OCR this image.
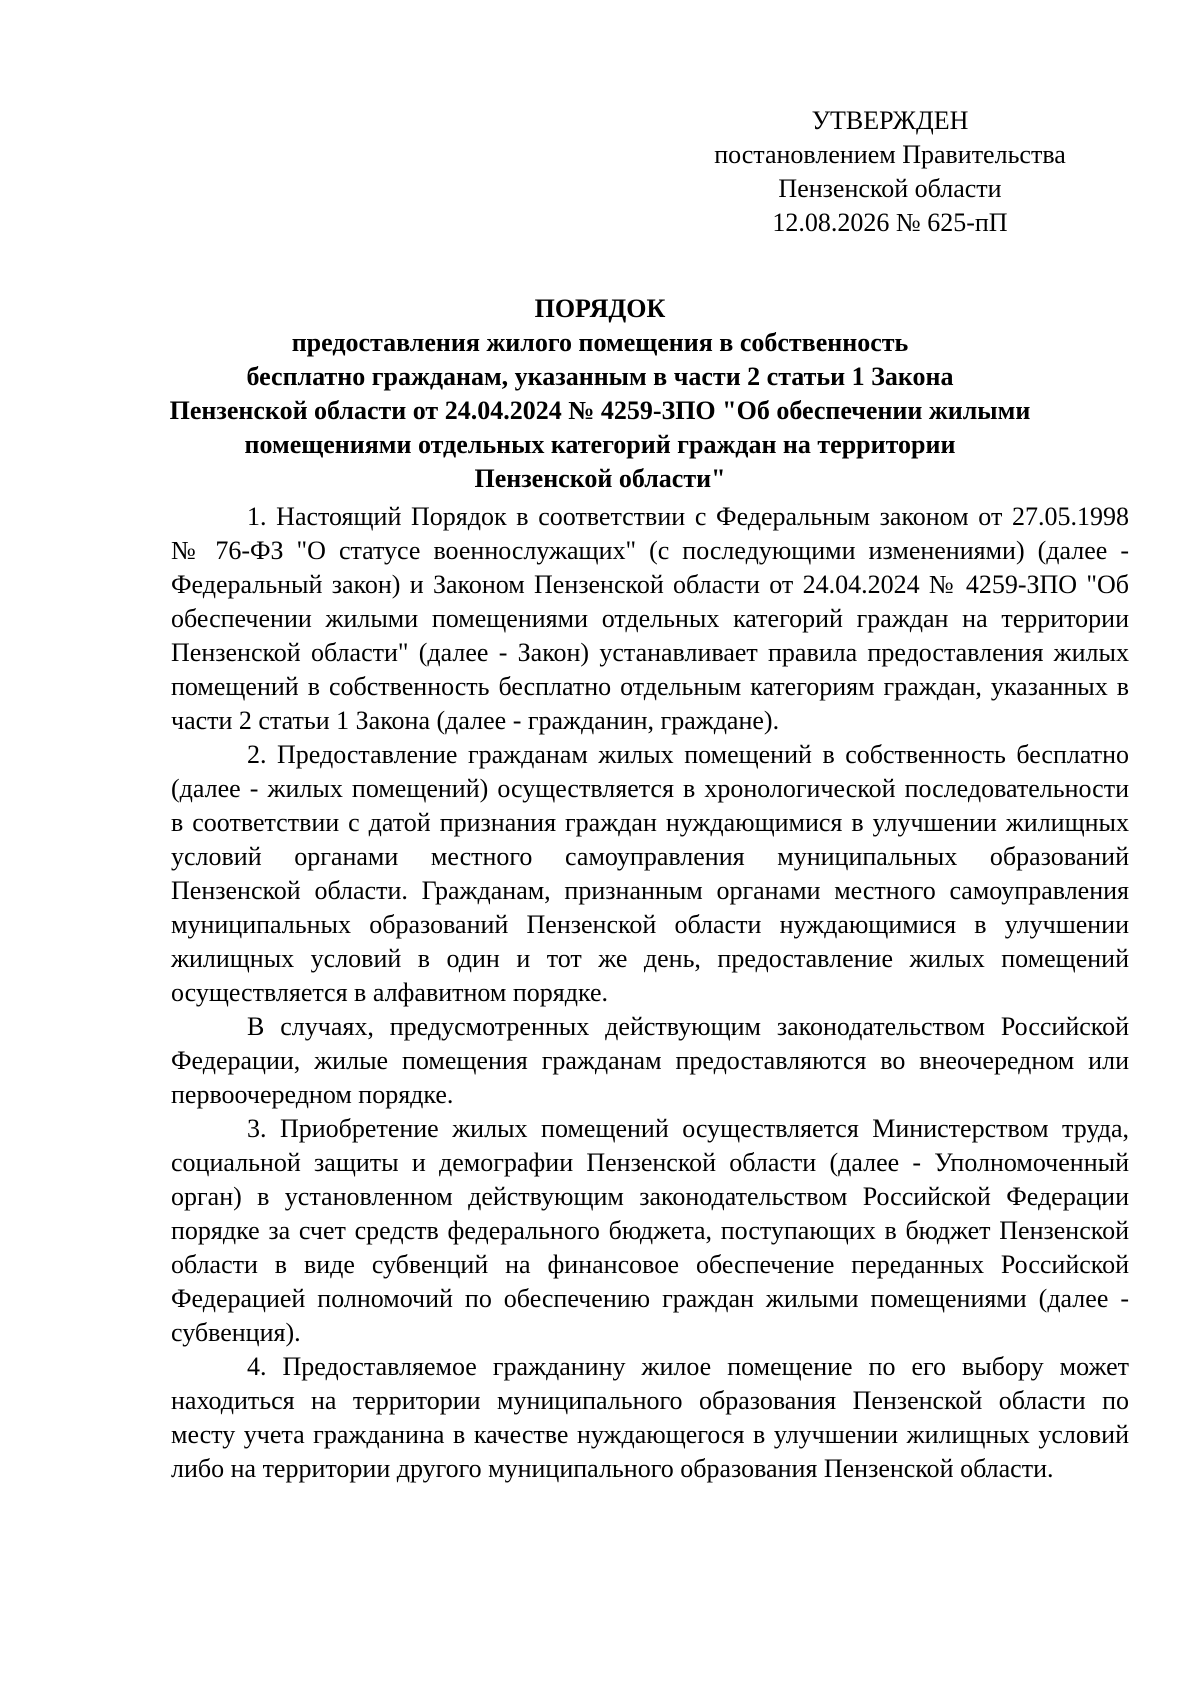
УТВЕРЖДЕН
постановлением Правительства
Пензенской области
12.08.2026 № 625-пП
ПОРЯДОК
предоставления жилого помещения в собственность
бесплатно гражданам, указанным в части 2 статьи 1 Закона
Пензенской области от 24.04.2024 № 4259-ЗПО "Об обеспечении жилыми
помещениями отдельных категорий граждан на территории
Пензенской области"

1. Настоящий Порядок в соответствии с Федеральным законом от 27.05.1998 № 76-ФЗ "О статусе военнослужащих" (с последующими изменениями) (далее - Федеральный закон) и Законом Пензенской области от 24.04.2024 № 4259-ЗПО "Об обеспечении жилыми помещениями отдельных категорий граждан на территории Пензенской области" (далее - Закон) устанавливает правила предоставления жилых помещений в собственность бесплатно отдельным категориям граждан, указанных в части 2 статьи 1 Закона (далее - гражданин, граждане).

2. Предоставление гражданам жилых помещений в собственность бесплатно (далее - жилых помещений) осуществляется в хронологической последовательности в соответствии с датой признания граждан нуждающимися в улучшении жилищных условий органами местного самоуправления муниципальных образований Пензенской области. Гражданам, признанным органами местного самоуправления муниципальных образований Пензенской области нуждающимися в улучшении жилищных условий в один и тот же день, предоставление жилых помещений осуществляется в алфавитном порядке.

В случаях, предусмотренных действующим законодательством Российской Федерации, жилые помещения гражданам предоставляются во внеочередном или первоочередном порядке.

3. Приобретение жилых помещений осуществляется Министерством труда, социальной защиты и демографии Пензенской области (далее - Уполномоченный орган) в установленном действующим законодательством Российской Федерации порядке за счет средств федерального бюджета, поступающих в бюджет Пензенской области в виде субвенций на финансовое обеспечение переданных Российской Федерацией полномочий по обеспечению граждан жилыми помещениями (далее - субвенция).

4. Предоставляемое гражданину жилое помещение по его выбору может находиться на территории муниципального образования Пензенской области по месту учета гражданина в качестве нуждающегося в улучшении жилищных условий либо на территории другого муниципального образования Пензенской области.
